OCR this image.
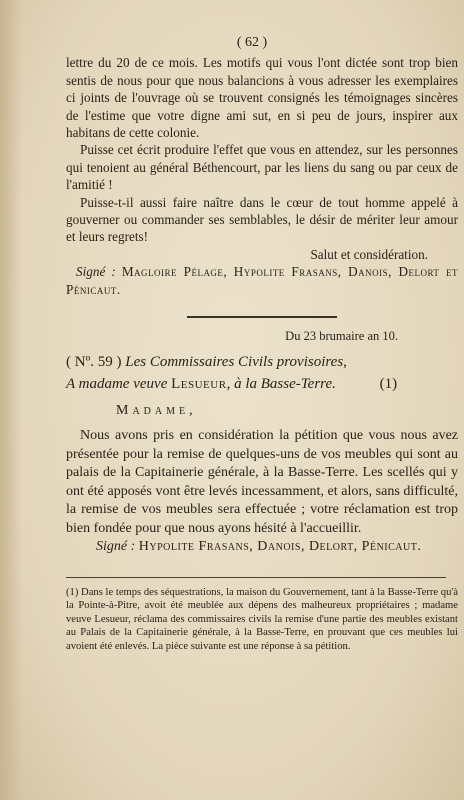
( 62 )

lettre du 20 de ce mois. Les motifs qui vous l'ont dictée sont trop bien sentis de nous pour que nous balancions à vous adresser les exemplaires ci joints de l'ouvrage où se trouvent consignés les témoignages sincères de l'estime que votre digne ami sut, en si peu de jours, inspirer aux habitans de cette colonie.

Puisse cet écrit produire l'effet que vous en attendez, sur les personnes qui tenoient au général Béthencourt, par les liens du sang ou par ceux de l'amitié !

Puisse-t-il aussi faire naître dans le cœur de tout homme appelé à gouverner ou commander ses semblables, le désir de mériter leur amour et leurs regrets!

Salut et considération.

Signé : Magloire Pélage, Hypolite Frasans, Danois, Delort et Pénicaut.

Du 23 brumaire an 10.

( Nº. 59 ) Les Commissaires Civils provisoires,

A madame veuve Lesueur, à la Basse-Terre.	(1)

Madame,

Nous avons pris en considération la pétition que vous nous avez présentée pour la remise de quelques-uns de vos meubles qui sont au palais de la Capitainerie générale, à la Basse-Terre. Les scellés qui y ont été apposés vont être levés incessamment, et alors, sans difficulté, la remise de vos meubles sera effectuée ; votre réclamation est trop bien fondée pour que nous ayons hésité à l'accueillir.

Signé : Hypolite Frasans, Danois, Delort, Pénicaut.

(1) Dans le temps des séquestrations, la maison du Gouvernement, tant à la Basse-Terre qu'à la Pointe-à-Pitre, avoit été meublée aux dépens des malheureux propriétaires ; madame veuve Lesueur, réclama des commissaires civils la remise d'une partie des meubles existant au Palais de la Capitainerie générale, à la Basse-Terre, en prouvant que ces meubles lui avoient été enlevés. La pièce suivante est une réponse à sa pétition.
